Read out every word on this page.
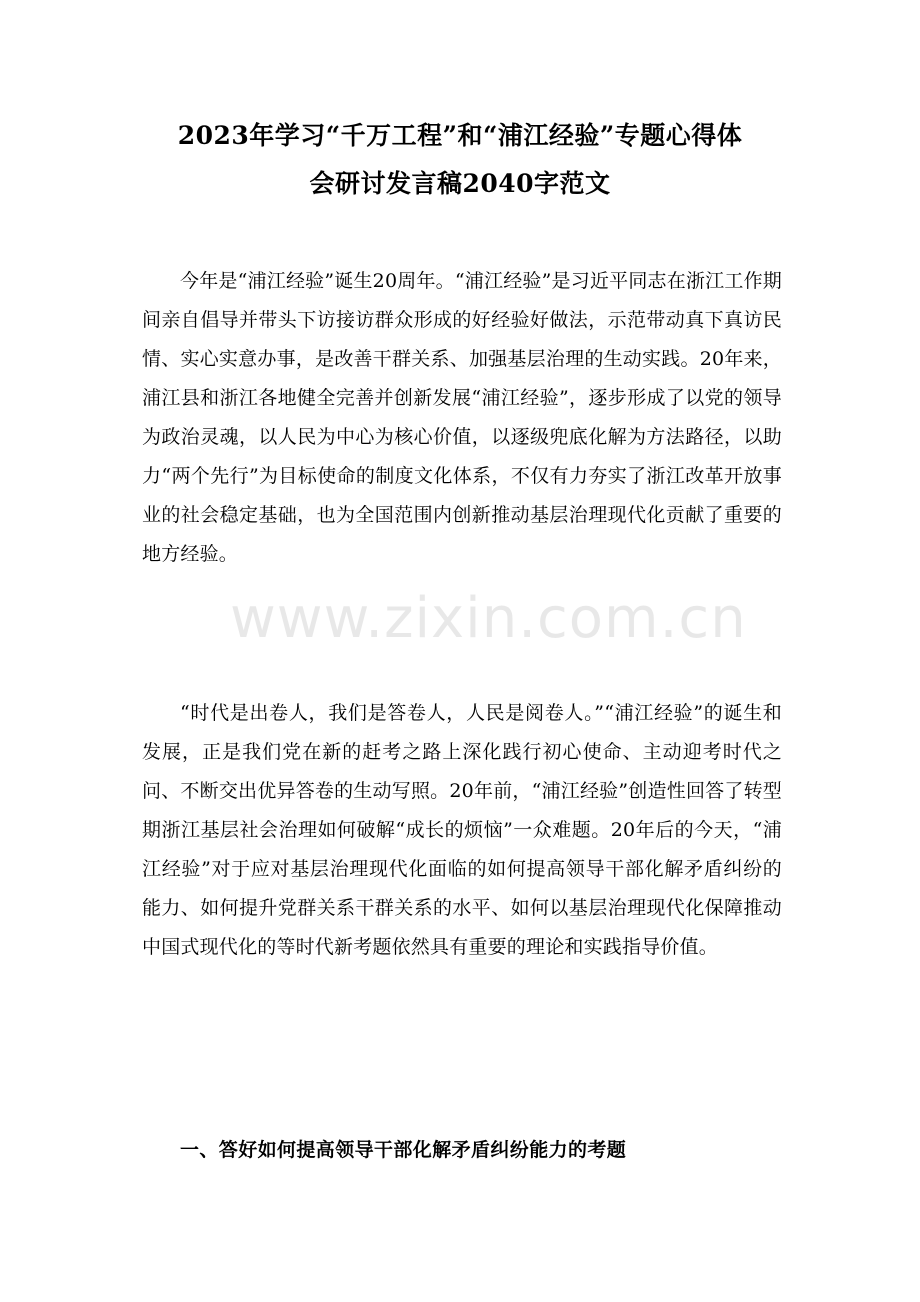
2023年学习“千万工程”和“浦江经验”专题心得体
会研讨发言稿2040字范文

今年是“浦江经验”诞生20周年。“浦江经验”是习近平同志在浙江工作期间亲自倡导并带头下访接访群众形成的好经验好做法，示范带动真下真访民情、实心实意办事，是改善干群关系、加强基层治理的生动实践。20年来，浦江县和浙江各地健全完善并创新发展“浦江经验”，逐步形成了以党的领导为政治灵魂，以人民为中心为核心价值，以逐级兜底化解为方法路径，以助力“两个先行”为目标使命的制度文化体系，不仅有力夯实了浙江改革开放事业的社会稳定基础，也为全国范围内创新推动基层治理现代化贡献了重要的地方经验。

www.zixin.com.cn

“时代是出卷人，我们是答卷人，人民是阅卷人。”“浦江经验”的诞生和发展，正是我们党在新的赶考之路上深化践行初心使命、主动迎考时代之问、不断交出优异答卷的生动写照。20年前，“浦江经验”创造性回答了转型期浙江基层社会治理如何破解“成长的烦恼”一众难题。20年后的今天，“浦江经验”对于应对基层治理现代化面临的如何提高领导干部化解矛盾纠纷的能力、如何提升党群关系干群关系的水平、如何以基层治理现代化保障推动中国式现代化的等时代新考题依然具有重要的理论和实践指导价值。

一、答好如何提高领导干部化解矛盾纠纷能力的考题
